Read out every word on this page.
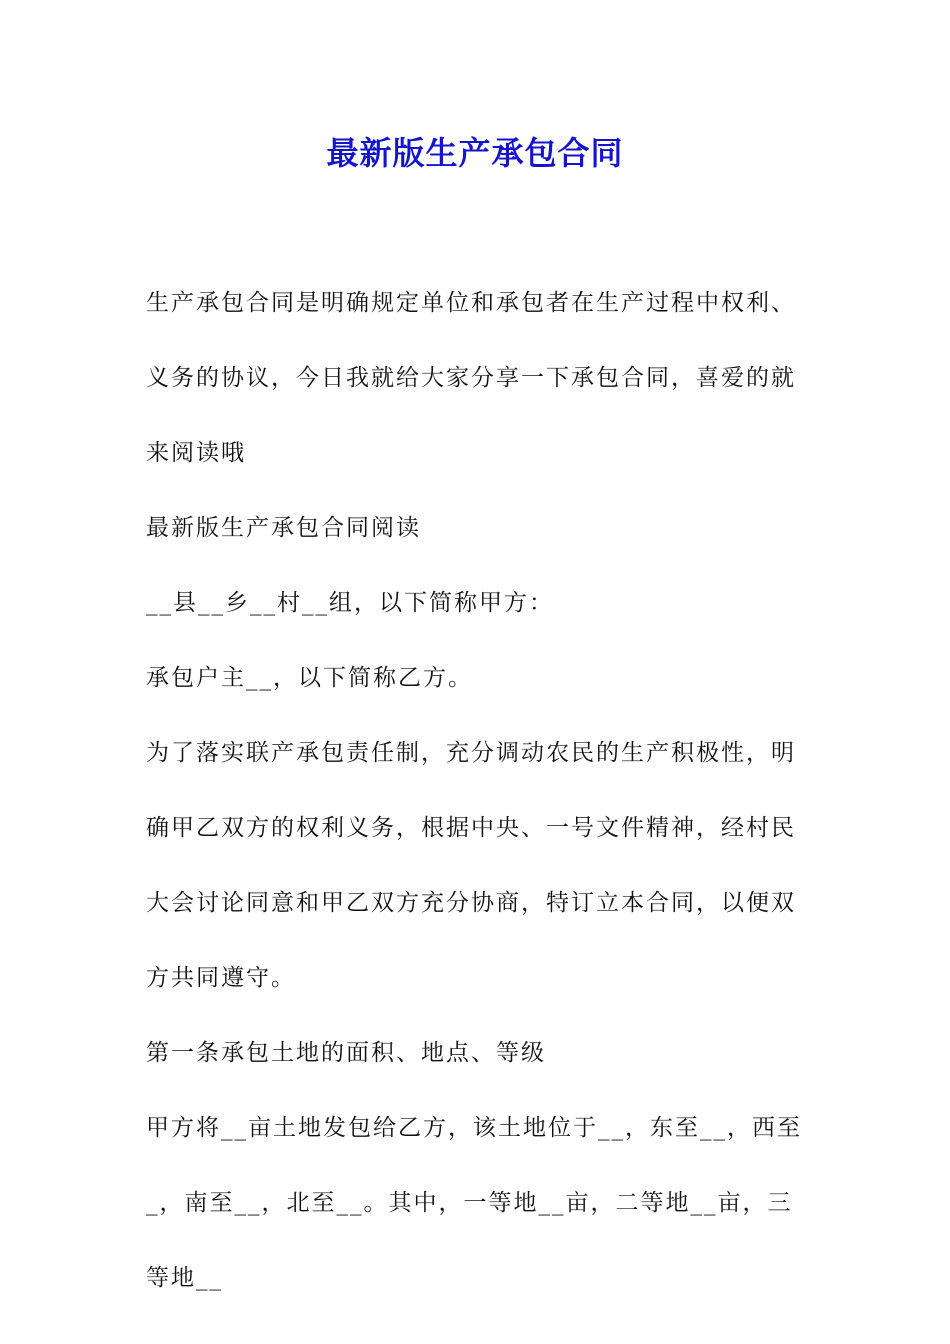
最新版生产承包合同

生产承包合同是明确规定单位和承包者在生产过程中权利、义务的协议，今日我就给大家分享一下承包合同，喜爱的就来阅读哦

最新版生产承包合同阅读

__县__乡__村__组，以下简称甲方：

承包户主__，以下简称乙方。

为了落实联产承包责任制，充分调动农民的生产积极性，明确甲乙双方的权利义务，根据中央、一号文件精神，经村民大会讨论同意和甲乙双方充分协商，特订立本合同，以便双方共同遵守。

第一条承包土地的面积、地点、等级

甲方将__亩土地发包给乙方，该土地位于__，东至__，西至_，南至__，北至__。其中，一等地__亩，二等地__亩，三等地__
